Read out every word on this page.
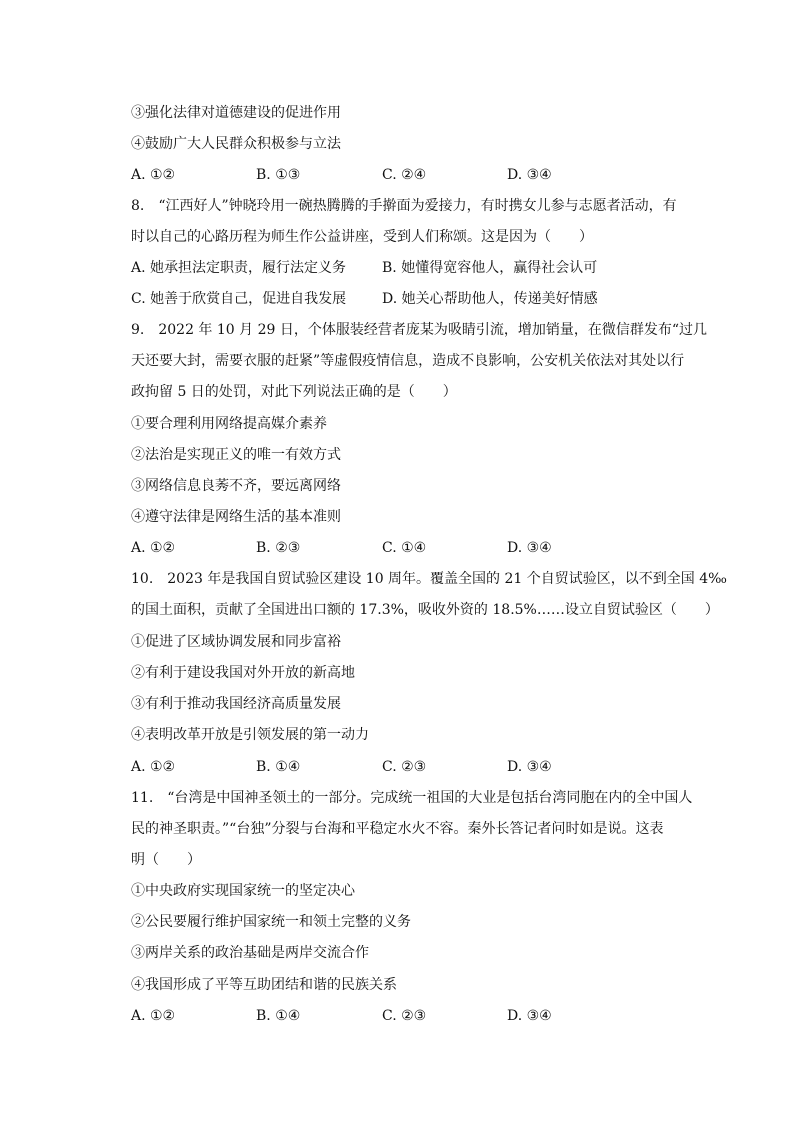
③强化法律对道德建设的促进作用
④鼓励广大人民群众积极参与立法
A. ①②	B. ①③	C. ②④	D. ③④
8.　“江西好人”钟晓玲用一碗热腾腾的手擀面为爱接力，有时携女儿参与志愿者活动，有
时以自己的心路历程为师生作公益讲座，受到人们称颂。这是因为（　　）
A. 她承担法定职责，履行法定义务	B. 她懂得宽容他人，赢得社会认可
C. 她善于欣赏自己，促进自我发展	D. 她关心帮助他人，传递美好情感
9.　2022 年 10 月 29 日，个体服装经营者庞某为吸睛引流，增加销量，在微信群发布“过几
天还要大封，需要衣服的赶紧”等虚假疫情信息，造成不良影响，公安机关依法对其处以行
政拘留 5 日的处罚，对此下列说法正确的是（　　）
①要合理利用网络提高媒介素养
②法治是实现正义的唯一有效方式
③网络信息良莠不齐，要远离网络
④遵守法律是网络生活的基本准则
A. ①②	B. ②③	C. ①④	D. ③④
10.　2023 年是我国自贸试验区建设 10 周年。覆盖全国的 21 个自贸试验区，以不到全国 4‰
的国土面积，贡献了全国进出口额的 17.3%，吸收外资的 18.5%……设立自贸试验区（　　）
①促进了区域协调发展和同步富裕
②有利于建设我国对外开放的新高地
③有利于推动我国经济高质量发展
④表明改革开放是引领发展的第一动力
A. ①②	B. ①④	C. ②③	D. ③④
11.　“台湾是中国神圣领土的一部分。完成统一祖国的大业是包括台湾同胞在内的全中国人
民的神圣职责。”“台独”分裂与台海和平稳定水火不容。秦外长答记者问时如是说。这表
明（　　）
①中央政府实现国家统一的坚定决心
②公民要履行维护国家统一和领土完整的义务
③两岸关系的政治基础是两岸交流合作
④我国形成了平等互助团结和谐的民族关系
A. ①②	B. ①④	C. ②③	D. ③④
